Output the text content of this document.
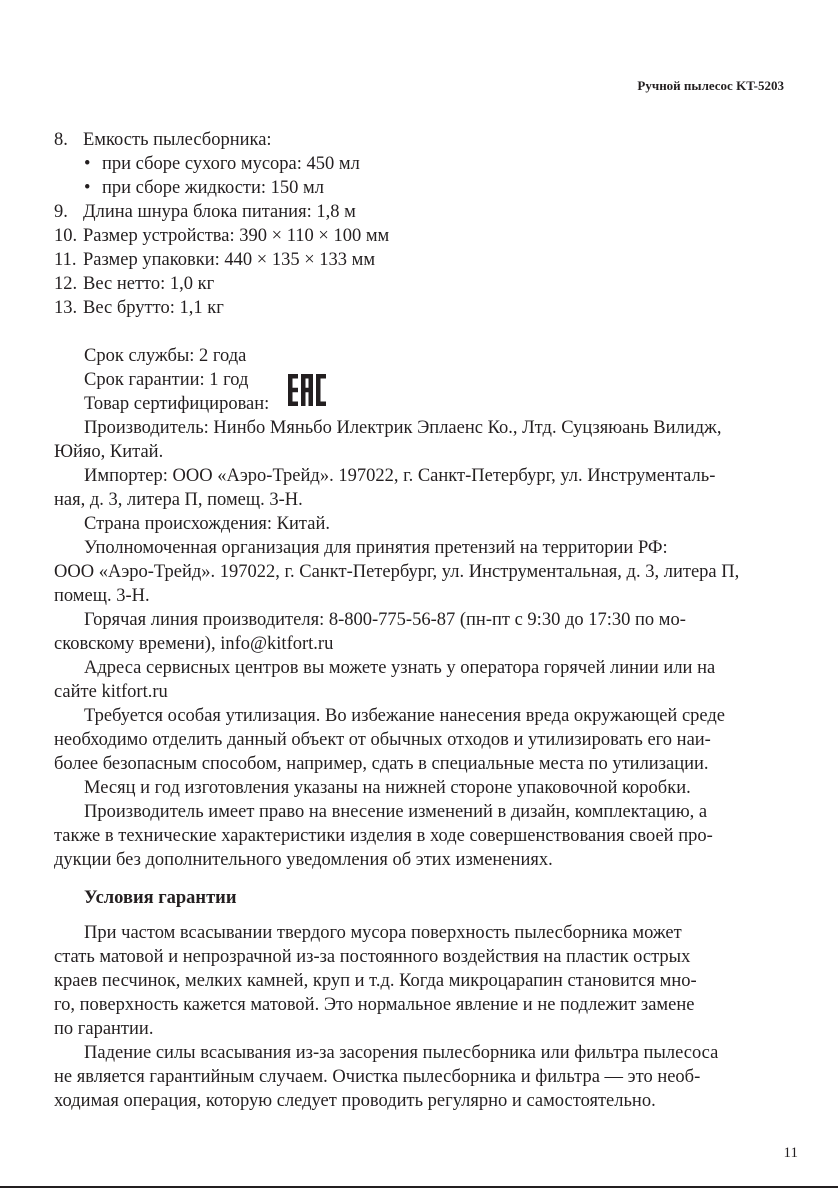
Ручной пылесос KT-5203
8. Емкость пылесборника:
• при сборе сухого мусора: 450 мл
• при сборе жидкости: 150 мл
9. Длина шнура блока питания: 1,8 м
10. Размер устройства: 390 × 110 × 100 мм
11. Размер упаковки: 440 × 135 × 133 мм
12. Вес нетто: 1,0 кг
13. Вес брутто: 1,1 кг
Срок службы: 2 года
Срок гарантии: 1 год
Товар сертифицирован:
Производитель: Нинбо Мяньбо Илектрик Эплаенс Ко., Лтд. Суцзяюань Вилидж,
Юйяо, Китай.
Импортер: ООО «Аэро-Трейд». 197022, г. Санкт-Петербург, ул. Инструменталь-
ная, д. 3, литера П, помещ. 3-Н.
Страна происхождения: Китай.
Уполномоченная организация для принятия претензий на территории РФ:
ООО «Аэро-Трейд». 197022, г. Санкт-Петербург, ул. Инструментальная, д. 3, литера П,
помещ. 3-Н.
Горячая линия производителя: 8-800-775-56-87 (пн-пт с 9:30 до 17:30 по мо-
сковскому времени), info@kitfort.ru
Адреса сервисных центров вы можете узнать у оператора горячей линии или на
сайте kitfort.ru
Требуется особая утилизация. Во избежание нанесения вреда окружающей среде
необходимо отделить данный объект от обычных отходов и утилизировать его наи-
более безопасным способом, например, сдать в специальные места по утилизации.
Месяц и год изготовления указаны на нижней стороне упаковочной коробки.
Производитель имеет право на внесение изменений в дизайн, комплектацию, а
также в технические характеристики изделия в ходе совершенствования своей про-
дукции без дополнительного уведомления об этих изменениях.
Условия гарантии
При частом всасывании твердого мусора поверхность пылесборника может
стать матовой и непрозрачной из-за постоянного воздействия на пластик острых
краев песчинок, мелких камней, круп и т.д. Когда микроцарапин становится мно-
го, поверхность кажется матовой. Это нормальное явление и не подлежит замене
по гарантии.
Падение силы всасывания из-за засорения пылесборника или фильтра пылесоса
не является гарантийным случаем. Очистка пылесборника и фильтра — это необ-
ходимая операция, которую следует проводить регулярно и самостоятельно.
11
